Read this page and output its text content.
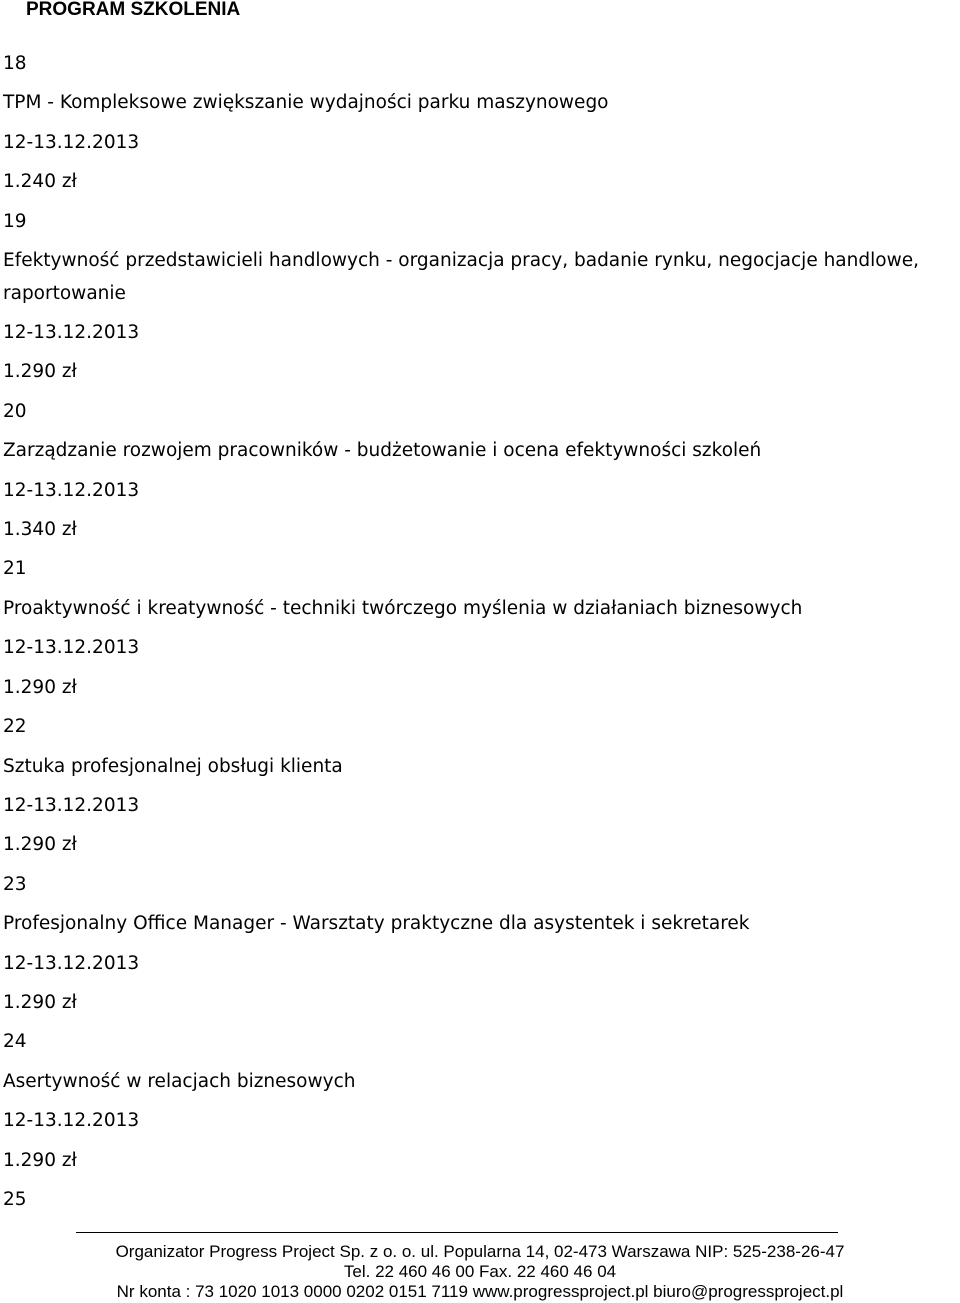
PROGRAM SZKOLENIA
18
TPM - Kompleksowe zwiększanie wydajności parku maszynowego
12-13.12.2013
1.240 zł
19
Efektywność przedstawicieli handlowych - organizacja pracy, badanie rynku, negocjacje handlowe, raportowanie
12-13.12.2013
1.290 zł
20
Zarządzanie rozwojem pracowników - budżetowanie i ocena efektywności szkoleń
12-13.12.2013
1.340 zł
21
Proaktywność i kreatywność - techniki twórczego myślenia w działaniach biznesowych
12-13.12.2013
1.290 zł
22
Sztuka profesjonalnej obsługi klienta
12-13.12.2013
1.290 zł
23
Profesjonalny Office Manager - Warsztaty praktyczne dla asystentek i sekretarek
12-13.12.2013
1.290 zł
24
Asertywność w relacjach biznesowych
12-13.12.2013
1.290 zł
25
Organizator Progress Project Sp. z o. o. ul. Popularna 14, 02-473 Warszawa NIP: 525-238-26-47
Tel. 22 460 46 00 Fax. 22 460 46 04
Nr konta : 73 1020 1013 0000 0202 0151 7119 www.progressproject.pl biuro@progressproject.pl
